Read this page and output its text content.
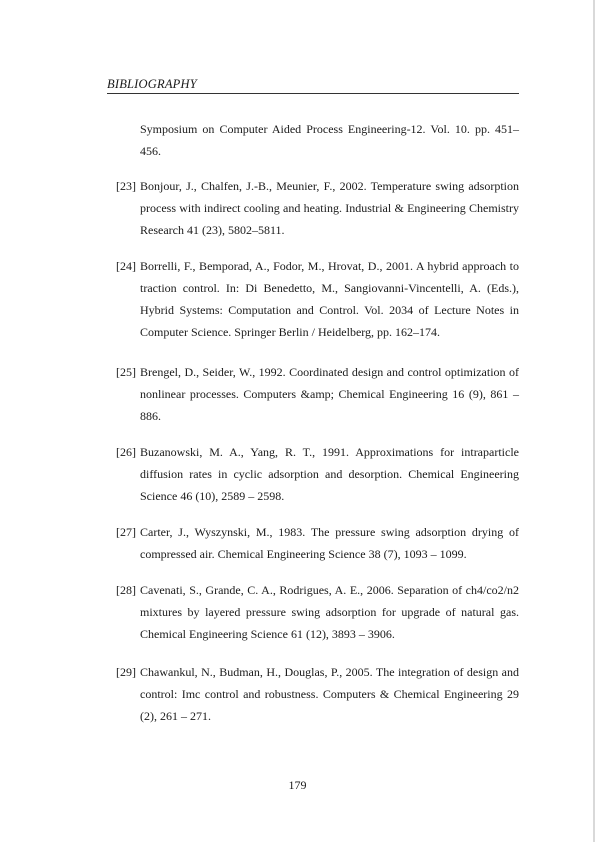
BIBLIOGRAPHY
Symposium on Computer Aided Process Engineering-12. Vol. 10. pp. 451–456.
[23] Bonjour, J., Chalfen, J.-B., Meunier, F., 2002. Temperature swing adsorption process with indirect cooling and heating. Industrial & Engineering Chemistry Research 41 (23), 5802–5811.
[24] Borrelli, F., Bemporad, A., Fodor, M., Hrovat, D., 2001. A hybrid approach to traction control. In: Di Benedetto, M., Sangiovanni-Vincentelli, A. (Eds.), Hybrid Systems: Computation and Control. Vol. 2034 of Lecture Notes in Computer Science. Springer Berlin / Heidelberg, pp. 162–174.
[25] Brengel, D., Seider, W., 1992. Coordinated design and control optimization of nonlinear processes. Computers &amp; Chemical Engineering 16 (9), 861 – 886.
[26] Buzanowski, M. A., Yang, R. T., 1991. Approximations for intraparticle diffusion rates in cyclic adsorption and desorption. Chemical Engineering Science 46 (10), 2589 – 2598.
[27] Carter, J., Wyszynski, M., 1983. The pressure swing adsorption drying of compressed air. Chemical Engineering Science 38 (7), 1093 – 1099.
[28] Cavenati, S., Grande, C. A., Rodrigues, A. E., 2006. Separation of ch4/co2/n2 mixtures by layered pressure swing adsorption for upgrade of natural gas. Chemical Engineering Science 61 (12), 3893 – 3906.
[29] Chawankul, N., Budman, H., Douglas, P., 2005. The integration of design and control: Imc control and robustness. Computers & Chemical Engineering 29 (2), 261 – 271.
179
